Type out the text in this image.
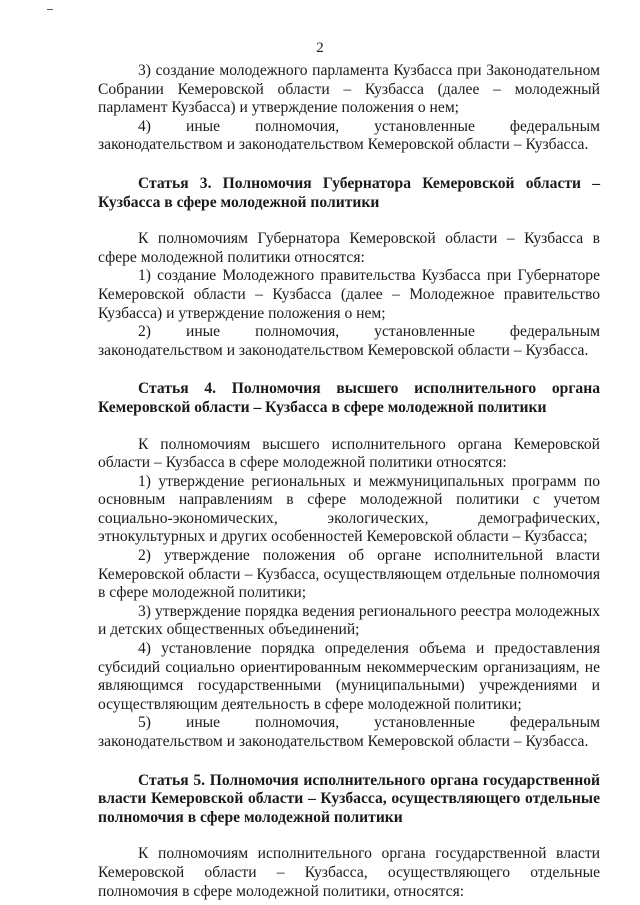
2

3) создание молодежного парламента Кузбасса при Законодательном Собрании Кемеровской области – Кузбасса (далее – молодежный парламент Кузбасса) и утверждение положения о нем;

4) иные полномочия, установленные федеральным законодательством и законодательством Кемеровской области – Кузбасса.

Статья 3. Полномочия Губернатора Кемеровской области – Кузбасса в сфере молодежной политики

К полномочиям Губернатора Кемеровской области – Кузбасса в сфере молодежной политики относятся:

1) создание Молодежного правительства Кузбасса при Губернаторе Кемеровской области – Кузбасса (далее – Молодежное правительство Кузбасса) и утверждение положения о нем;

2) иные полномочия, установленные федеральным законодательством и законодательством Кемеровской области – Кузбасса.

Статья 4. Полномочия высшего исполнительного органа Кемеровской области – Кузбасса в сфере молодежной политики

К полномочиям высшего исполнительного органа Кемеровской области – Кузбасса в сфере молодежной политики относятся:

1) утверждение региональных и межмуниципальных программ по основным направлениям в сфере молодежной политики с учетом социально-экономических, экологических, демографических, этнокультурных и других особенностей Кемеровской области – Кузбасса;

2) утверждение положения об органе исполнительной власти Кемеровской области – Кузбасса, осуществляющем отдельные полномочия в сфере молодежной политики;

3) утверждение порядка ведения регионального реестра молодежных и детских общественных объединений;

4) установление порядка определения объема и предоставления субсидий социально ориентированным некоммерческим организациям, не являющимся государственными (муниципальными) учреждениями и осуществляющим деятельность в сфере молодежной политики;

5) иные полномочия, установленные федеральным законодательством и законодательством Кемеровской области – Кузбасса.

Статья 5. Полномочия исполнительного органа государственной власти Кемеровской области – Кузбасса, осуществляющего отдельные полномочия в сфере молодежной политики

К полномочиям исполнительного органа государственной власти Кемеровской области – Кузбасса, осуществляющего отдельные полномочия в сфере молодежной политики, относятся:
